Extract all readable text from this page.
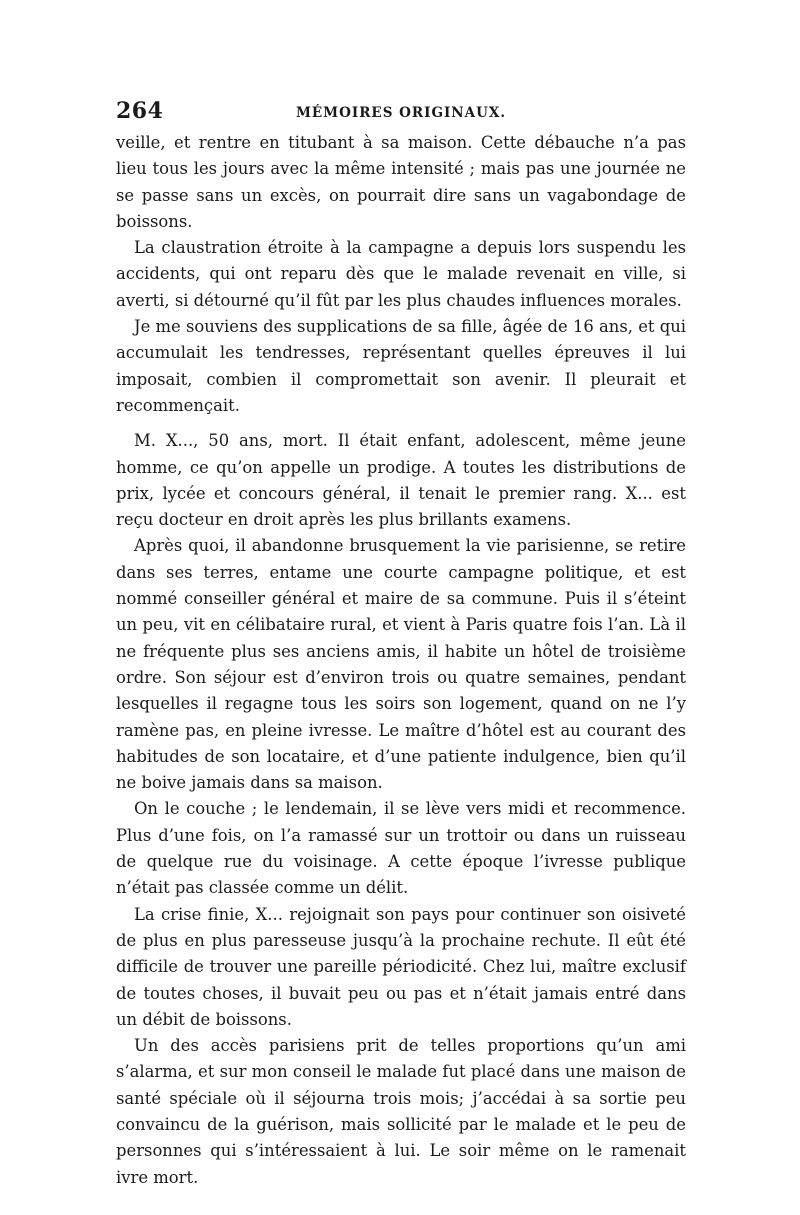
264	MÉMOIRES ORIGINAUX.

veille, et rentre en titubant à sa maison. Cette débauche n’a pas lieu tous les jours avec la même intensité ; mais pas une journée ne se passe sans un excès, on pourrait dire sans un vagabondage de boissons.

La claustration étroite à la campagne a depuis lors suspendu les accidents, qui ont reparu dès que le malade revenait en ville, si averti, si détourné qu’il fût par les plus chaudes influences morales.

Je me souviens des supplications de sa fille, âgée de 16 ans, et qui accumulait les tendresses, représentant quelles épreuves il lui imposait, combien il compromettait son avenir. Il pleurait et recommençait.

M. X..., 50 ans, mort. Il était enfant, adolescent, même jeune homme, ce qu’on appelle un prodige. A toutes les distributions de prix, lycée et concours général, il tenait le premier rang. X... est reçu docteur en droit après les plus brillants examens.

Après quoi, il abandonne brusquement la vie parisienne, se retire dans ses terres, entame une courte campagne politique, et est nommé conseiller général et maire de sa commune. Puis il s’éteint un peu, vit en célibataire rural, et vient à Paris quatre fois l’an. Là il ne fréquente plus ses anciens amis, il habite un hôtel de troisième ordre. Son séjour est d’environ trois ou quatre semaines, pendant lesquelles il regagne tous les soirs son logement, quand on ne l’y ramène pas, en pleine ivresse. Le maître d’hôtel est au courant des habitudes de son locataire, et d’une patiente indulgence, bien qu’il ne boive jamais dans sa maison.

On le couche ; le lendemain, il se lève vers midi et recommence. Plus d’une fois, on l’a ramassé sur un trottoir ou dans un ruisseau de quelque rue du voisinage. A cette époque l’ivresse publique n’était pas classée comme un délit.

La crise finie, X... rejoignait son pays pour continuer son oisiveté de plus en plus paresseuse jusqu’à la prochaine rechute. Il eût été difficile de trouver une pareille périodicité. Chez lui, maître exclusif de toutes choses, il buvait peu ou pas et n’était jamais entré dans un débit de boissons.

Un des accès parisiens prit de telles proportions qu’un ami s’alarma, et sur mon conseil le malade fut placé dans une maison de santé spéciale où il séjourna trois mois; j’accédai à sa sortie peu convaincu de la guérison, mais sollicité par le malade et le peu de personnes qui s’intéressaient à lui. Le soir même on le ramenait ivre mort.
